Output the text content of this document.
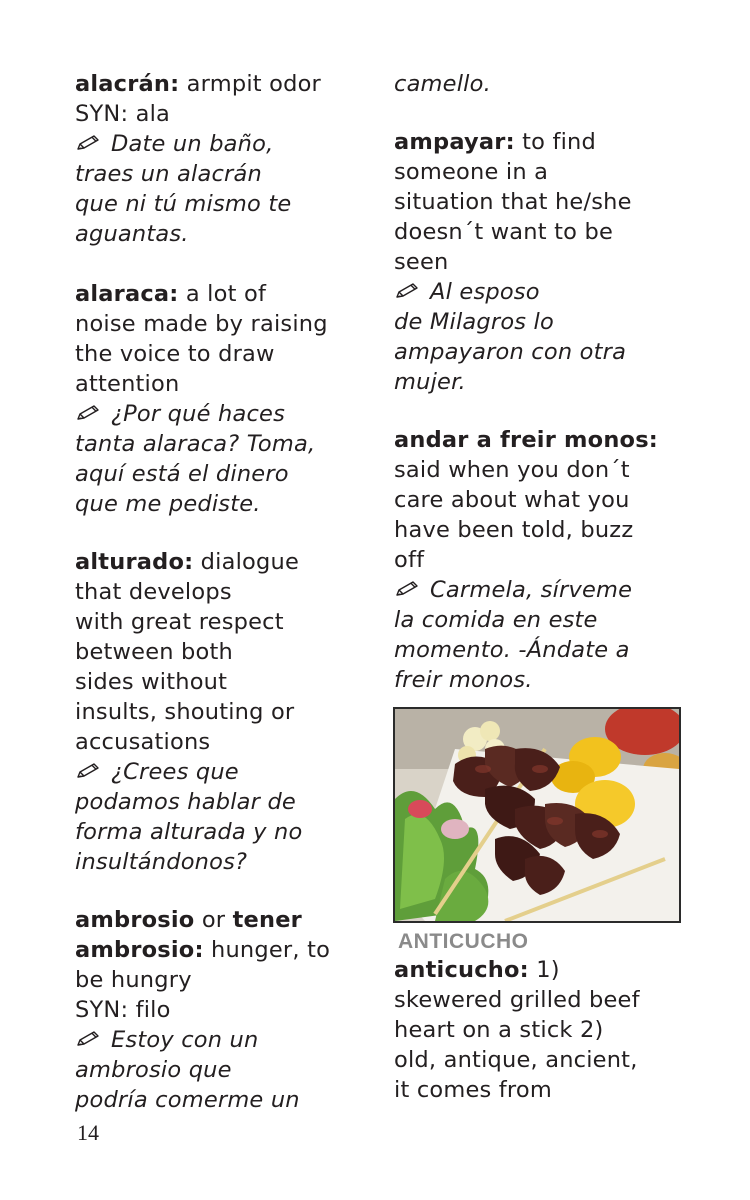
alacrán: armpit odor
SYN: ala
Date un baño,
traes un alacrán
que ni tú mismo te
aguantas.
alaraca: a lot of
noise made by raising
the voice to draw
attention
¿Por qué haces
tanta alaraca? Toma,
aquí está el dinero
que me pediste.
alturado: dialogue
that develops
with great respect
between both
sides without
insults, shouting or
accusations
¿Crees que
podamos hablar de
forma alturada y no
insultándonos?
ambrosio or tener
ambrosio: hunger, to
be hungry
SYN: filo
Estoy con un
ambrosio que
podría comerme un
camello.
ampayar: to find
someone in a
situation that he/she
doesn´t want to be
seen
Al esposo
de Milagros lo
ampayaron con otra
mujer.
andar a freir monos:
said when you don´t
care about what you
have been told, buzz
off
Carmela, sírveme
la comida en este
momento. -Ándate a
freir monos.
ANTICUCHO
anticucho: 1)
skewered grilled beef
heart on a stick 2)
old, antique, ancient,
it comes from
14
